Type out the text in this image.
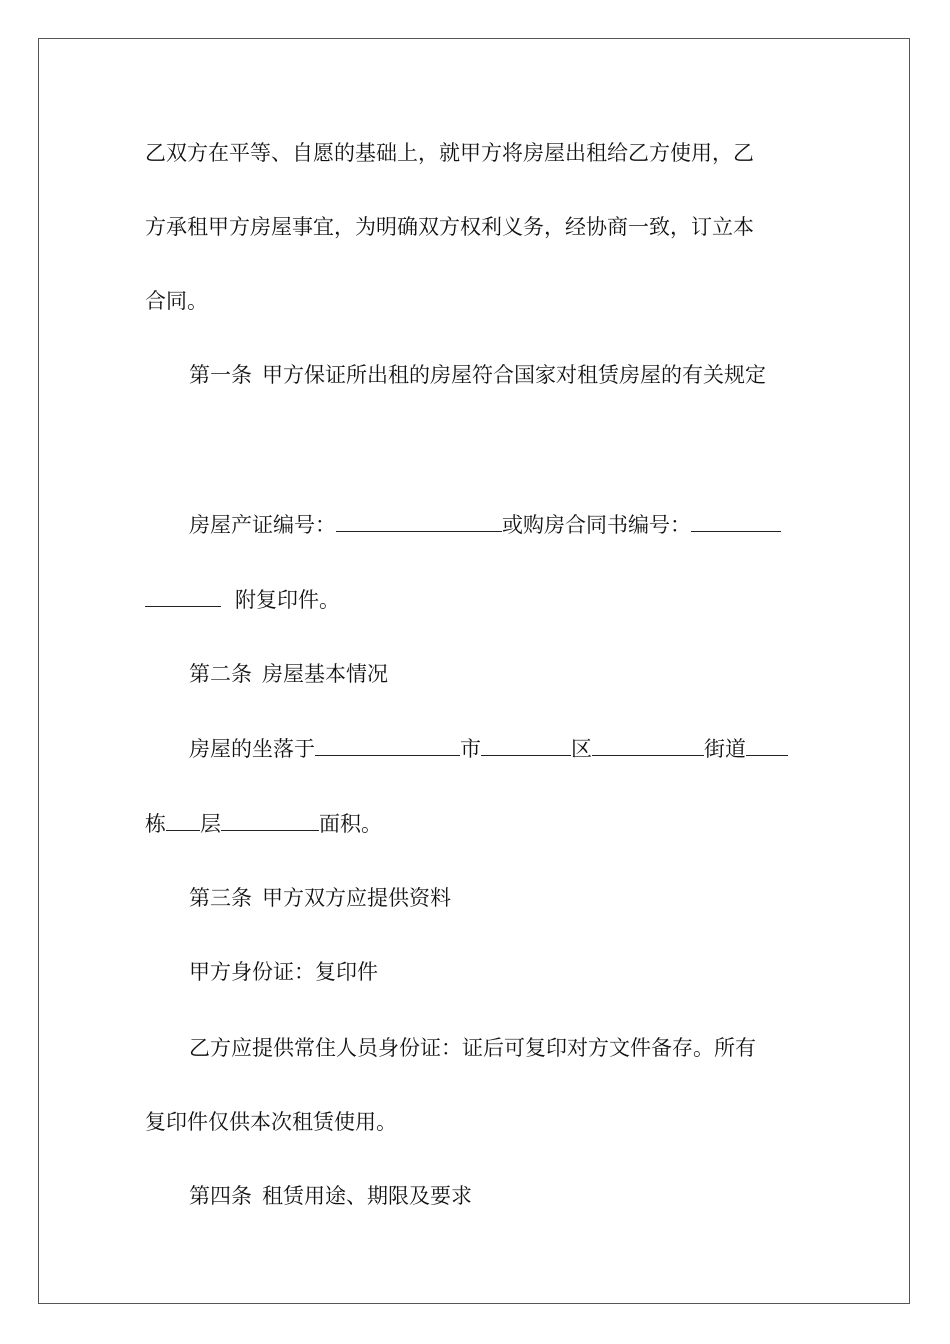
乙双方在平等、自愿的基础上，就甲方将房屋出租给乙方使用，乙
方承租甲方房屋事宜，为明确双方权利义务，经协商一致，订立本
合同。
第一条 甲方保证所出租的房屋符合国家对租赁房屋的有关规定
房屋产证编号：	或购房合同书编号：
附复印件。
第二条 房屋基本情况
房屋的坐落于	市	区	街道
栋 层	面积。
第三条 甲方双方应提供资料
甲方身份证：复印件
乙方应提供常住人员身份证：证后可复印对方文件备存。所有
复印件仅供本次租赁使用。
第四条 租赁用途、期限及要求
